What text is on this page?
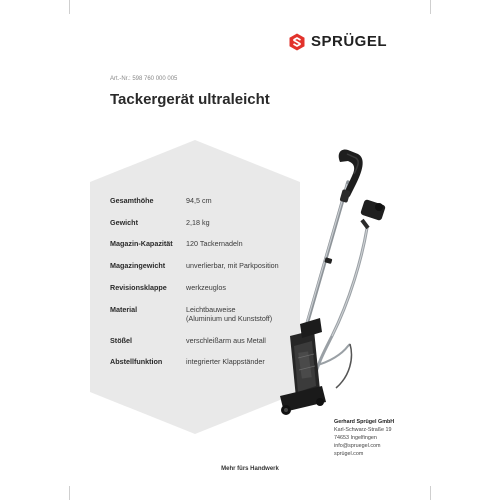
SPRÜGEL
Art.-Nr.: 598 760 000 005
Tackergerät ultraleicht
Gesamthöhe	94,5 cm
Gewicht	2,18 kg
Magazin-Kapazität	120 Tackernadeln
Magazingewicht	unverlierbar, mit Parkposition
Revisionsklappe	werkzeuglos
Material	Leichtbauweise
(Aluminium und Kunststoff)
Stößel	verschleißarm aus Metall
Abstellfunktion	integrierter Klappständer
Gerhard Sprügel GmbH
Karl-Schwarz-Straße 19
74653 Ingelfingen
info@spruegel.com
sprügel.com
Mehr fürs Handwerk
